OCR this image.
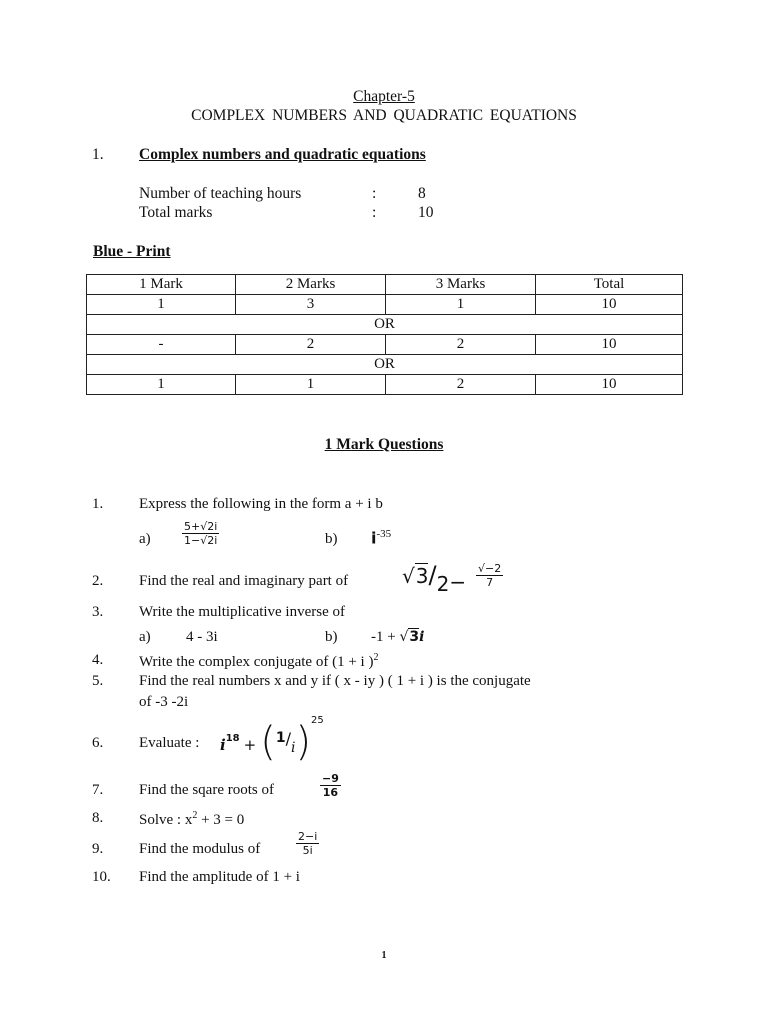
Chapter-5
COMPLEX NUMBERS AND QUADRATIC EQUATIONS
1. Complex numbers and quadratic equations
Number of teaching hours	:	8
Total marks	:	10
Blue - Print
1 Mark	2 Marks	3 Marks	Total
1	3	1	10
OR			
-	2	2	10
OR			
1	1	2	10
1 Mark Questions
1. Express the following in the form a + i b
a)	$\frac{5+√2i}{1-√2i}$	b) $i^{-35}$
2. Find the real and imaginary part of	$√3/2- \frac{√-2}{7}$
3. Write the multiplicative inverse of
a) 4 - 3i	b) -1 + √3i
4. Write the complex conjugate of (1 + i )$^2$
5. Find the real numbers x and y if ( x - iy ) ( 1 + i ) is the conjugate
of -3 -2i
6. Evaluate : $i^{18} + (1/i)^{25}$
7. Find the sqare roots of	$\frac{-9}{16}$
8. Solve : $x^2 + 3 = 0$
9. Find the modulus of	$\frac{2-i}{5i}$
10. Find the amplitude of 1 + i
1
